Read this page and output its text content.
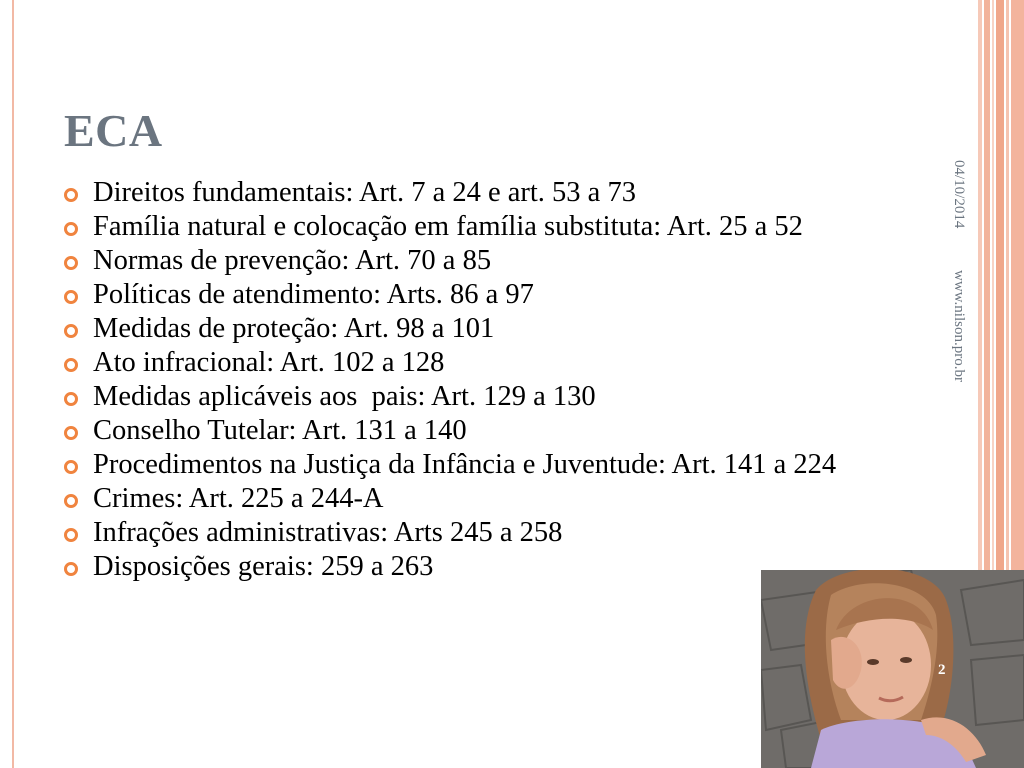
ECA
Direitos fundamentais: Art. 7 a 24 e art. 53 a 73
Família natural e colocação em família substituta: Art. 25 a 52
Normas de prevenção: Art. 70 a 85
Políticas de atendimento: Arts. 86 a 97
Medidas de proteção: Art. 98 a 101
Ato infracional: Art. 102 a 128
Medidas aplicáveis aos  pais: Art. 129 a 130
Conselho Tutelar: Art. 131 a 140
Procedimentos na Justiça da Infância e Juventude: Art. 141 a 224
Crimes: Art. 225 a 244-A
Infrações administrativas: Arts 245 a 258
Disposições gerais: 259 a 263
04/10/2014
www.nilson.pro.br
2
